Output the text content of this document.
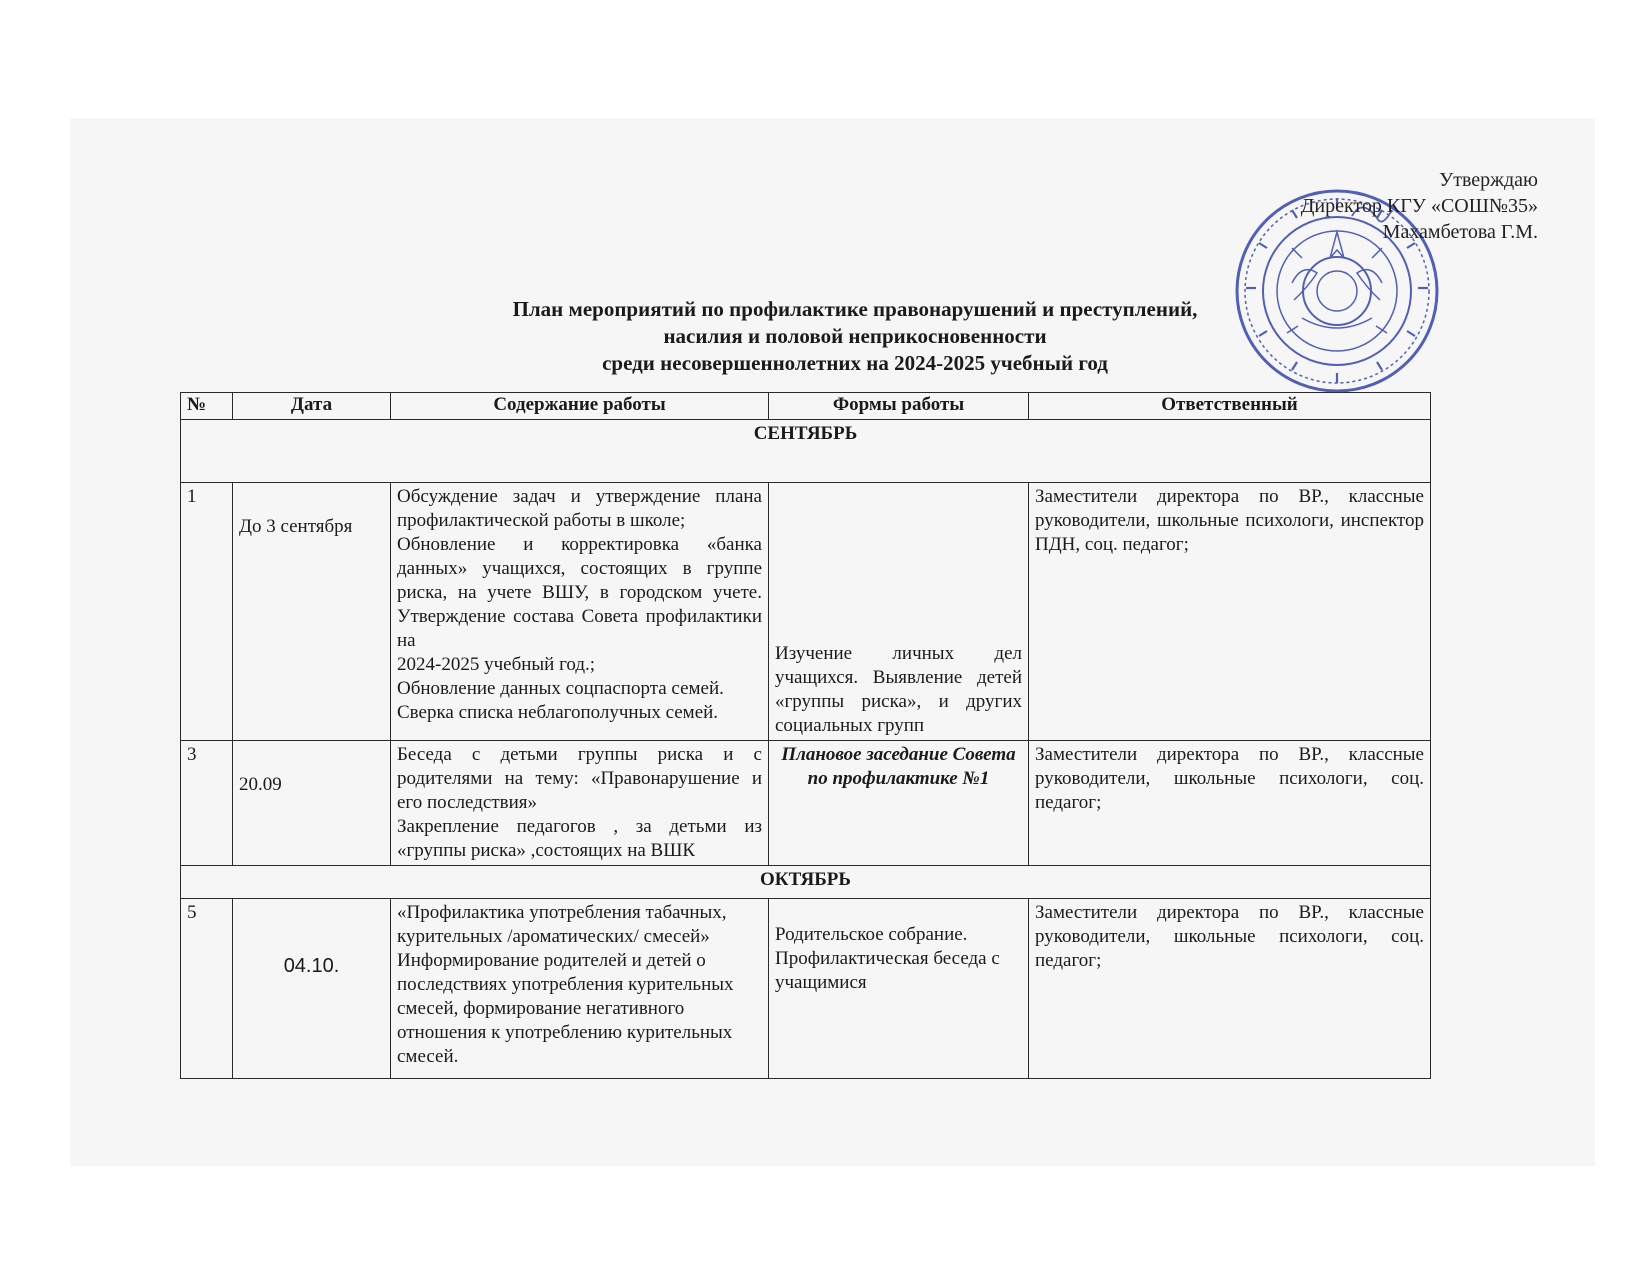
Утверждаю
Директор КГУ «СОШ№35»
Махамбетова Г.М.
План мероприятий по профилактике правонарушений и преступлений,
насилия и половой неприкосновенности
среди несовершеннолетних на 2024-2025 учебный год
№	Дата	Содержание работы	Формы работы	Ответственный
СЕНТЯБРЬ				
1	До 3 сентября	Обсуждение задач и утверждение плана профилактической работы в школе;
Обновление и корректировка «банка данных» учащихся, состоящих в группе риска, на учете ВШУ, в городском учете. Утверждение состава Совета профилактики на
2024-2025 учебный год.;
Обновление данных соцпаспорта семей. Сверка списка неблагополучных семей.	Изучение личных дел учащихся. Выявление детей «группы риска», и других социальных групп	Заместители директора по ВР., классные руководители, школьные психологи, инспектор ПДН, соц. педагог;
3	20.09	Беседа с детьми группы риска и с родителями на тему: «Правонарушение и его последствия»
Закрепление педагогов , за детьми из «группы риска» ,состоящих на ВШК	Плановое заседание Совета по профилактике №1	Заместители директора по ВР., классные руководители, школьные психологи, соц. педагог;
ОКТЯБРЬ				
5	04.10.	«Профилактика употребления табачных, курительных /ароматических/ смесей» Информирование родителей и детей о последствиях употребления курительных смесей, формирование негативного отношения к употреблению курительных смесей.	Родительское собрание. Профилактическая беседа с учащимися	Заместители директора по ВР., классные руководители, школьные психологи, соц. педагог;
